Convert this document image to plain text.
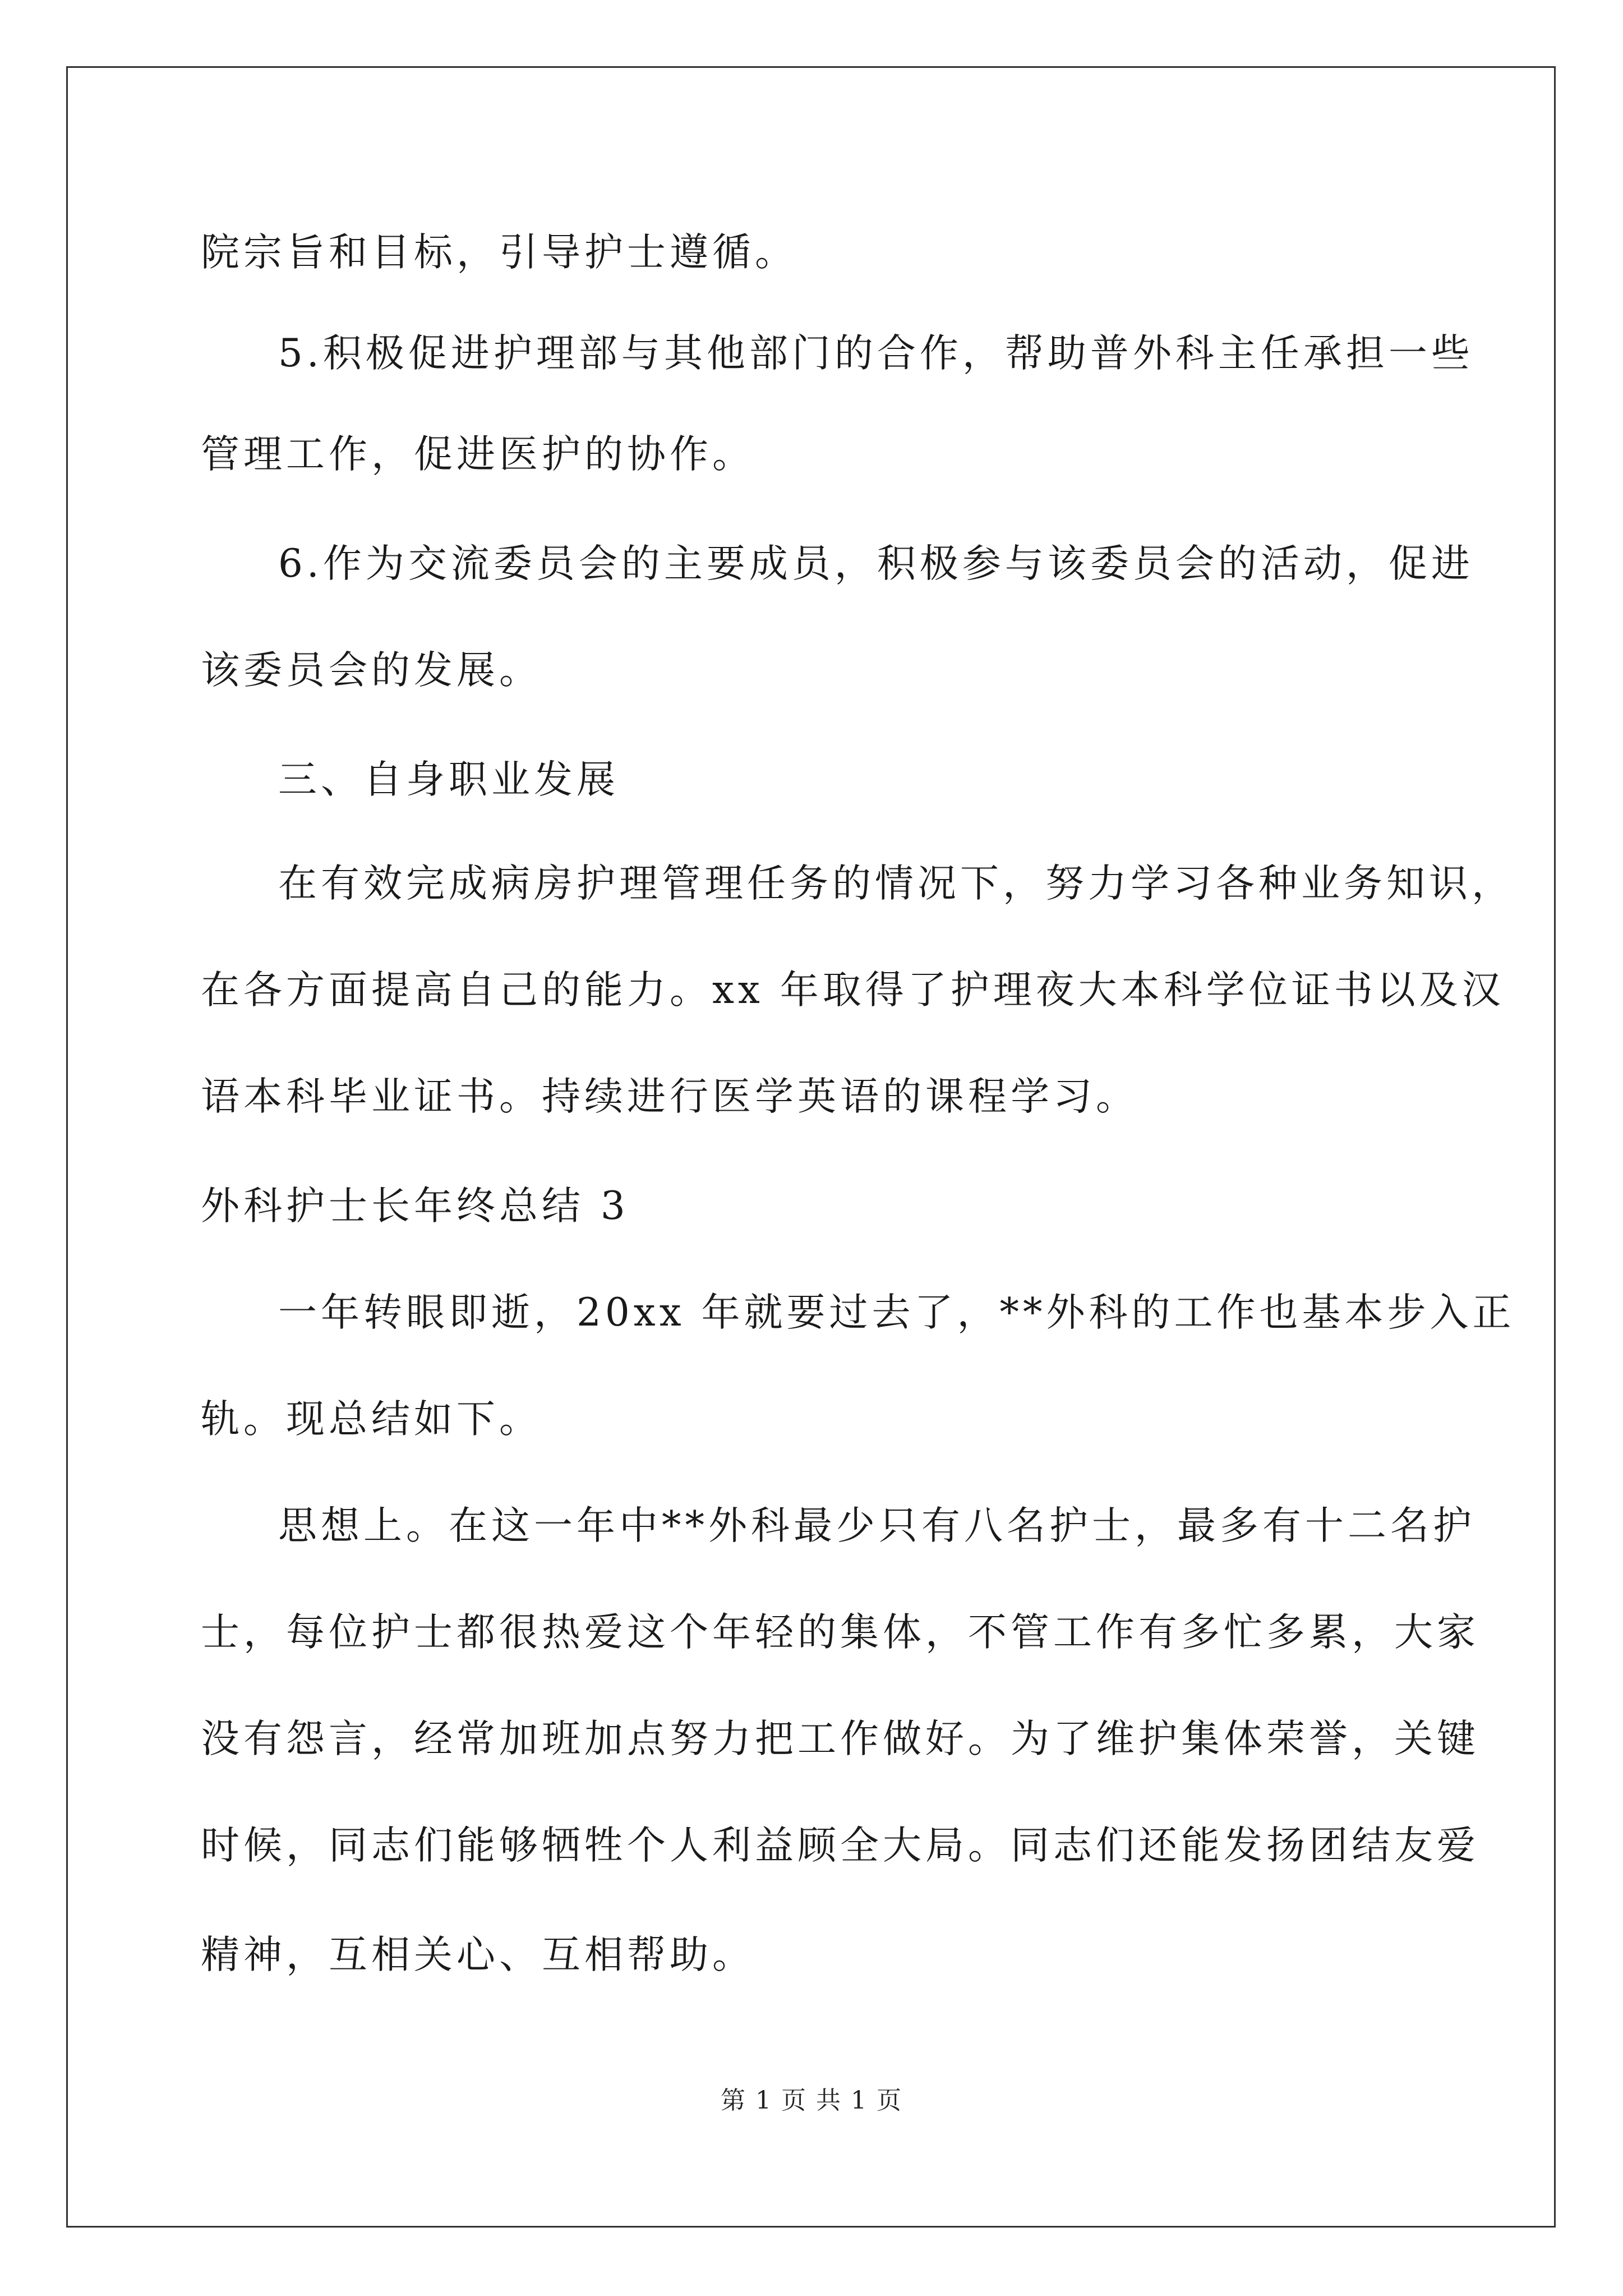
院宗旨和目标，引导护士遵循。
5.积极促进护理部与其他部门的合作，帮助普外科主任承担一些
管理工作，促进医护的协作。
6.作为交流委员会的主要成员，积极参与该委员会的活动，促进
该委员会的发展。
三、自身职业发展
在有效完成病房护理管理任务的情况下，努力学习各种业务知识，
在各方面提高自己的能力。xx 年取得了护理夜大本科学位证书以及汉
语本科毕业证书。持续进行医学英语的课程学习。
外科护士长年终总结 3
一年转眼即逝，20xx 年就要过去了，**外科的工作也基本步入正
轨。现总结如下。
思想上。在这一年中**外科最少只有八名护士，最多有十二名护
士，每位护士都很热爱这个年轻的集体，不管工作有多忙多累，大家
没有怨言，经常加班加点努力把工作做好。为了维护集体荣誉，关键
时候，同志们能够牺牲个人利益顾全大局。同志们还能发扬团结友爱
精神，互相关心、互相帮助。
第 1 页 共 1 页
